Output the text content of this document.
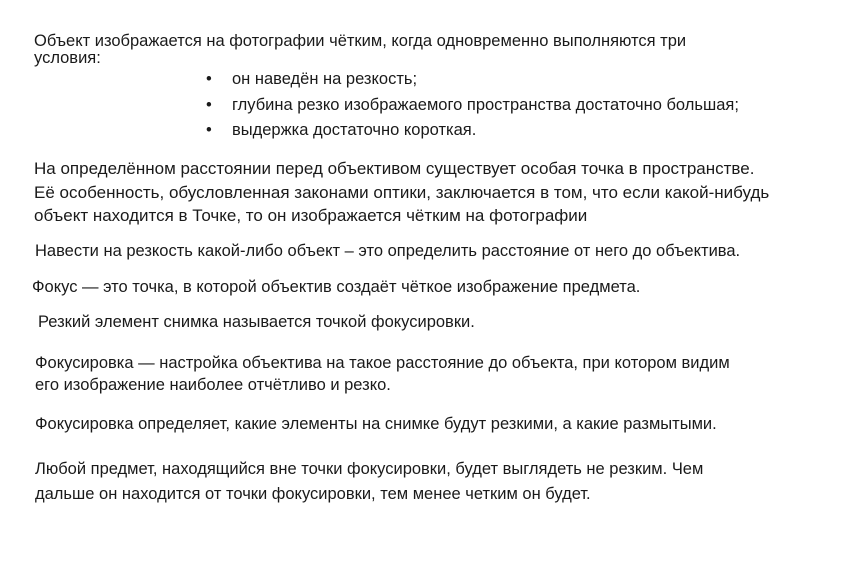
Объект изображается на фотографии чётким, когда одновременно выполняются три
условия:
• он наведён на резкость;
• глубина резко изображаемого пространства достаточно большая;
• выдержка достаточно короткая.
На определённом расстоянии перед объективом существует особая точка в пространстве.
Её особенность, обусловленная законами оптики, заключается в том, что если какой-нибудь
объект находится в Точке, то он изображается чётким на фотографии
Навести на резкость какой-либо объект – это определить расстояние от него до объектива.
Фокус — это точка, в которой объектив создаёт чёткое изображение предмета.
Резкий элемент снимка называется точкой фокусировки.
Фокусировка — настройка объектива на такое расстояние до объекта, при котором видим
его изображение наиболее отчётливо и резко.
Фокусировка определяет, какие элементы на снимке будут резкими, а какие размытыми.
Любой предмет, находящийся вне точки фокусировки, будет выглядеть не резким. Чем
дальше он находится от точки фокусировки, тем менее четким он будет.
